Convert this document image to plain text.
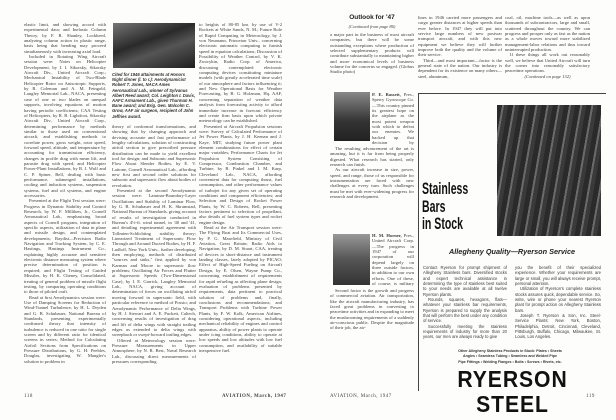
elastic limit, and showing accord with experimental data; and Inelastic Column Theory, by F. R. Shanley, Lockheed, analyzing column action in plastic range, basis being that bending may proceed simultaneously with increasing axial load.

Included in Rotating Wing Aircraft session were: Notes on Helicopter Development, by I. I. Sikorsky, Sikorsky Aircraft Div., United Aircraft Corp.; Mechanical Instability of Two-Blade Helicopter Rotor on Anisotropic Supports, by R. Coleman and A. M. Feingold, Langley Memorial Lab., NACA, presenting case of one or two blades on unequal supports, involving equations of motion having periodic coefficients; CAA Testing of Helicopters, by R. B. Lightfoot, Sikorsky Aircraft Div., United Aircraft Corp., determining performance by methods similar to those used on conventional aircraft, and establishing methods to correlate power, gross weight, rotor speed, forward speed, altitude, and temperature by accounting for transmission efficiency, changes in profile drag with mean lift, and parasite drag with speed; and Helicopter Power-Plant Installations, by R. J. Wolf and C. P. Spiner, Bell, dealing with basic performance, submerged installations, cooling and induction systems, suspension systems, fuel and oil systems, and engine accessories.

Presented at the Flight Test session were: Progress in Dynamic Stability and Control Research, by W. F. Milliken, Jr., Cornell Aeronautical Lab., emphasizing broad aspects of Cornell program, integration of specific aspects, utilization of data in plane and missile design, and contemplated developments; Raydist—Precision Radio Navigation and Tracking System, by C. E. Hastings, Hastings Instrument Co., explaining highly accurate and sensitive electronic distance measuring system where precise determination of position is required; and Flight Testing of Guided Missiles, by H. K. Cheney, Consolidated, treating of general problem of missile flight testing, by comparing operating conditions to those of piloted craft.

Read at first Aerodynamics session were: Use of Damping Screens for Reduction of Wind-Tunnel Turbulence, by H. L. Dryden and G. B. Schubauer, National Bureau of Standards, presenting experimentally confirmed theory that intensity of turbulence is reduced in one ratio for single screen and by different ratio for identical screens in series; Method for Calculating Airfoil Sections from Specifications on Pressure Distributions, by G. H. Peebles, Douglas, investigating W. Mangler's solution to problem in

Cited for 1946 attainments at Honors Night dinner (l. to r.): Aerodynamicist Robert T. Jones, NACA Ames Aeronautical Lab., winner of Sylvanus Albert Reed award; Col. Leighton I. Davis, AAFC Armament Lab., given Thurman H. Bane award; and Brig. Gen. Malcolm C. Grow, AAF air surgeon, recipient of John Jeffries award.

theory of conformal transformations, and showing that by changing approach and devising accurate and fast performance of lengthy calculations, solution of constructing airfoil section to give prescribed pressure distribution can be made to yield excellent tool for design; and Subsonic and Supersonic Flow About Slender Bodies, by E. V. Laitone, Cornell Aeronautical Lab., affording new first and second order solutions for subsonic and supersonic flow about bodies of revolution.

Presented at the second Aerodynamic session were: Laminar-Boundary-Layer Oscillations and Stability of Laminar Flow, by G. B. Schubauer and H. K. Skramstad, National Bureau of Standards, giving account of results of investigation conducted in Bureau's 4½-ft. wind tunnel, in '40 and '41, and detailing experimental agreement with Tollmien-Schlichting stability theory; Linearized Treatment of Supersonic Flow Through and Around Ducted Bodies, by H. F. Ludloff, New York Univ., further developing, then employing, methods of distributed "sources and sinks," first applied by von Karman and Moore to supersonic flow problems; Oscillating Air Forces and Flutter at Supersonic Speeds (Two-Dimensional Case), by I. E. Garrick, Langley Memorial Lab., NACA, giving account of determination of forces on oscillating airfoil moving forward in supersonic field, with particular reference to method of Possio; and Aerodynamic Performance of Delta Wings, by H. J. Stewart and A. E. Puckett, Caltech, concerning results of investigation of drag and lift of delta wings with straight trailing edges as extended to delta wings with sweepback or swept-forward trailing edges.

Offered at Meteorology session were: Pressure Measurements in Upper Atmosphere, by N. R. Best, Naval Research Lab., discussing direct measurements of pressures corresponding

to heights of 80-85 km. by use of V-2 Rockets at White Sands, N. M.; Future Role of Rapid Computing in Meteorology, by J. von Neumann, Princeton Univ., concerning electronic automatic computing to furnish speed in equation calculations; Discussion of Possibility of Weather Control, by V. K. Zworykin, Radio Corp. of America, discussing contemplated electronic computing devices constituting miniature models (with greatly accelerated time scale) of our atmosphere and factors influencing it; and New Operational Basis for Weather Forecasting, by B. G. Holzman, Hq. AAF, concerning separation of weather data analysis from forecasting activity to afford immediate increase in forecast efficiency and create firm basis upon which private meteorology can be established.

Presented at Aircraft Propulsion sessions were: Survey of Calculated Performance of Jet Power Plants, by J. H. Keenan and J. Kaye, MIT, studying future power plant element combinations for effect of certain major variables; Performance Charts for Jet Propulsion System Consisting of Compressor, Combustion Chamber, and Turbine, by B. Pinkel and I. M. Karp, Cleveland Lab., NACA, affording convenient data for computing thrust, fuel consumption, and other performance values of turbojet for any given set of operating conditions and component efficiencies; and Selection and Design of Rocket Power Plants, by W. C. Roberts, Bell, presenting factors pertinent to selection of propellant, also details of fuel system types and rocket engine design.

Read at the Air Transport session were: The Flying Boat and Its Commercial Uses, by P. G. Masefield, Ministry of Civil Aviation, Great Britain; Radio Aids to Navigation, by D. M. Stuart, CAA, treating of devices to short-distance and instrument landing classes, lately adopted by PICAO; Effect of High-Speed Fueling on Aircraft Design, by E. Olsen, Wayne Pump Co., concerning establishment of requirements for rapid refueling as affecting plane design, evaluation of problems presented by requirements, data pertinent to practical solution of problems and, finally, conclusions and recommendations; and Transport Problems with Turbine Power Plants, by F. W. Kolk, American Airlines, considering operational aspects, including mechanical reliability of engines and control apparatus, ability of power plants to operate under icing conditions, ability to operate at low speeds and low altitudes with low fuel consumption, and availability of suitable inexpensive fuel.

118	AVIATION, March, 1947
Outlook for '47
(Continued from page 86)

a major part in the business of most aircraft companies, but there will be some outstanding exceptions where production of selected supplementary products will contribute substantially to maintaining higher and more economical levels of business volume for the concerns so engaged. (Globus Studio photo)

lines in 1946 carried more passengers and cargo greater distances at higher speeds than ever before. In 1947 they will put into service large numbers of new postwar transport aircraft, and with this new equipment we believe they will further improve both the quality and the volume of their service.

Third—and most important—factor is the general state of the nation. Our industry is dependent for its existence on many others—steel, aluminum,

coal, oil, machine tools—as well as upon thousands of subcontractors, large and small, scattered throughout the country. We can progress and prosper only as fast as the nation as a whole moves toward more stabilized management-labor relations and thus toward uninterrupted production.

If these things all work out reasonably well, we believe that United Aircraft will turn the corner into reasonably satisfactory peacetime operations.

(Continued on page 132)

P. E. Bassett, Pres., Sperry Gyroscope Co.—This country pinned its greatest hope on the airplane as the most potent weapon with which to defeat our enemies. We backed up that decision by

The resulting advancement of the art is amazing, but it is far from being properly digested. What research has started, only research can finish.

As our aircraft increase in size, power, speed, and range, those of us responsible for instrumentation are faced with new challenges at every turn. Such challenges must be met with ever-widening progress for research and development.

H. M. Horner, Pres., United Aircraft Corp.—The progress in 1947 of our corporation will depend largely on three outside factors, in addition to our own efforts. One of these, of course, is military

Second factor is the growth and progress of commercial aviation. Air transportation, like the aircraft manufacturing industry, has faced great problems in converting to peacetime activities and in expanding to meet the mushrooming requirements of a suddenly air-conscious public. Despite the magnitude of their job, the air-

Stainless
Bars
in Stock
Allegheny Quality—Ryerson Service

Contact Ryerson for prompt shipment of Allegheny Stainless bars. Diversified stocks and expert technical assistance in determining the type of stainless best suited to your needs are available at all twelve Ryerson plants.

Rounds, squares, hexagons, flats—whatever your stainless bar requirements, Ryerson is prepared to supply the analysis that will perform the best under any condition of service.

Successfully meeting the stainless requirements of industry for more than 20 years, our men are always ready to give

you the benefit of their specialized experience. Whether your requirements are large or small, you will always receive prompt, personal attention.

Utilization of Ryerson's complete stainless stocks assures quick, dependable service. So, write, wire or phone your nearest Ryerson plant for prompt action on Allegheny Stainless bars.

Joseph T. Ryerson & Son, Inc. Steel-Service Plants: New York, Boston, Philadelphia, Detroit, Cincinnati, Cleveland, Pittsburgh, Buffalo, Chicago, Milwaukee, St. Louis, Los Angeles.

Other Allegheny Stainless Products in Stock: Plates • Sheets
Angles • Seamless Tubing • Seamless and Welded Pipe
Pipe Fittings • Welding Flanges • Bolts • Screws • Rivets, etc.
RYERSON STEEL
AVIATION, March, 1947	119
